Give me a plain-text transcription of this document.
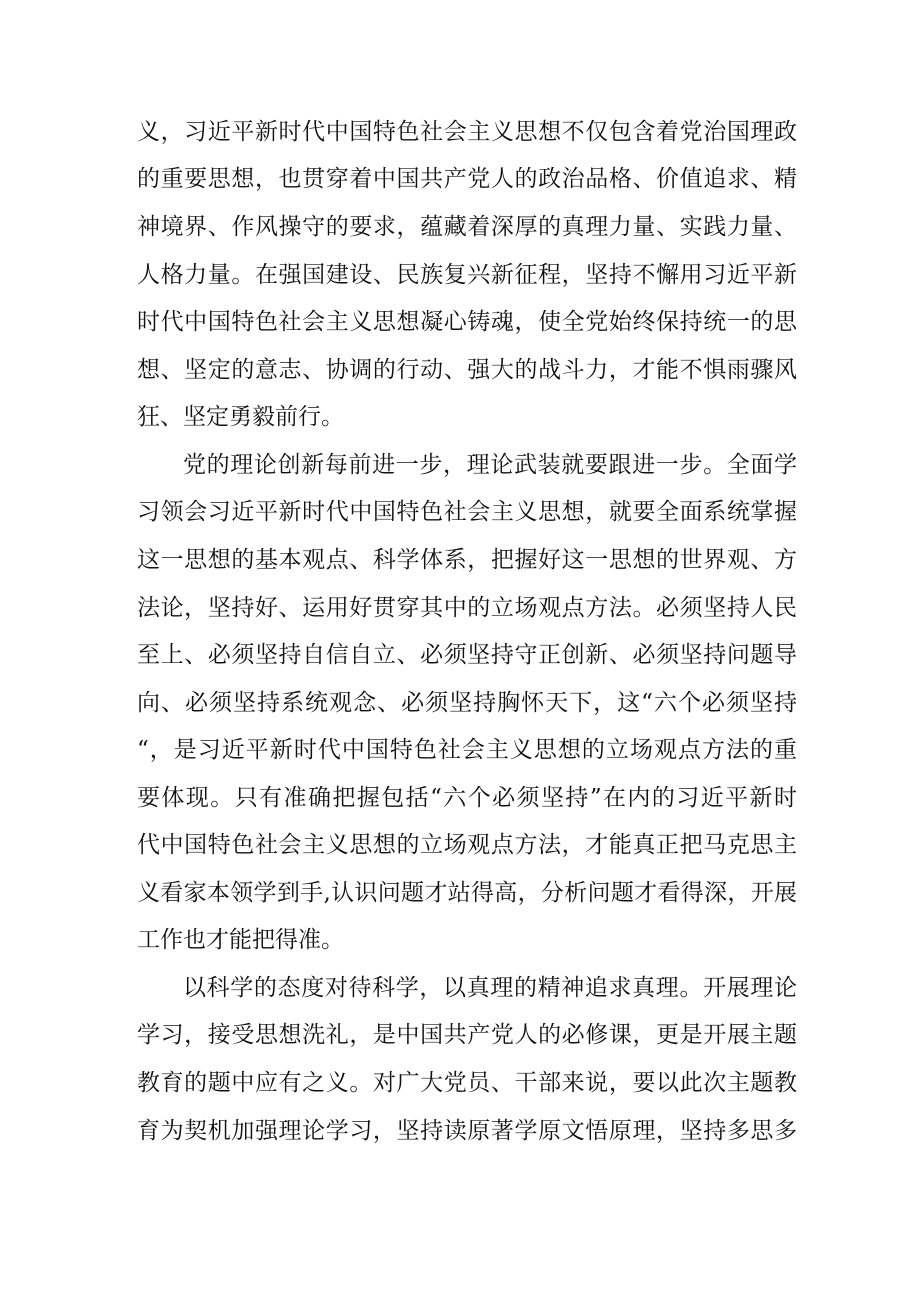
义，习近平新时代中国特色社会主义思想不仅包含着党治国理政
的重要思想，也贯穿着中国共产党人的政治品格、价值追求、精
神境界、作风操守的要求，蕴藏着深厚的真理力量、实践力量、
人格力量。在强国建设、民族复兴新征程，坚持不懈用习近平新
时代中国特色社会主义思想凝心铸魂，使全党始终保持统一的思
想、坚定的意志、协调的行动、强大的战斗力，才能不惧雨骤风
狂、坚定勇毅前行。
党的理论创新每前进一步，理论武装就要跟进一步。全面学
习领会习近平新时代中国特色社会主义思想，就要全面系统掌握
这一思想的基本观点、科学体系，把握好这一思想的世界观、方
法论，坚持好、运用好贯穿其中的立场观点方法。必须坚持人民
至上、必须坚持自信自立、必须坚持守正创新、必须坚持问题导
向、必须坚持系统观念、必须坚持胸怀天下，这“六个必须坚持
“，是习近平新时代中国特色社会主义思想的立场观点方法的重
要体现。只有准确把握包括“六个必须坚持”在内的习近平新时
代中国特色社会主义思想的立场观点方法，才能真正把马克思主
义看家本领学到手,认识问题才站得高，分析问题才看得深，开展
工作也才能把得准。
以科学的态度对待科学，以真理的精神追求真理。开展理论
学习，接受思想洗礼，是中国共产党人的必修课，更是开展主题
教育的题中应有之义。对广大党员、干部来说，要以此次主题教
育为契机加强理论学习，坚持读原著学原文悟原理，坚持多思多
